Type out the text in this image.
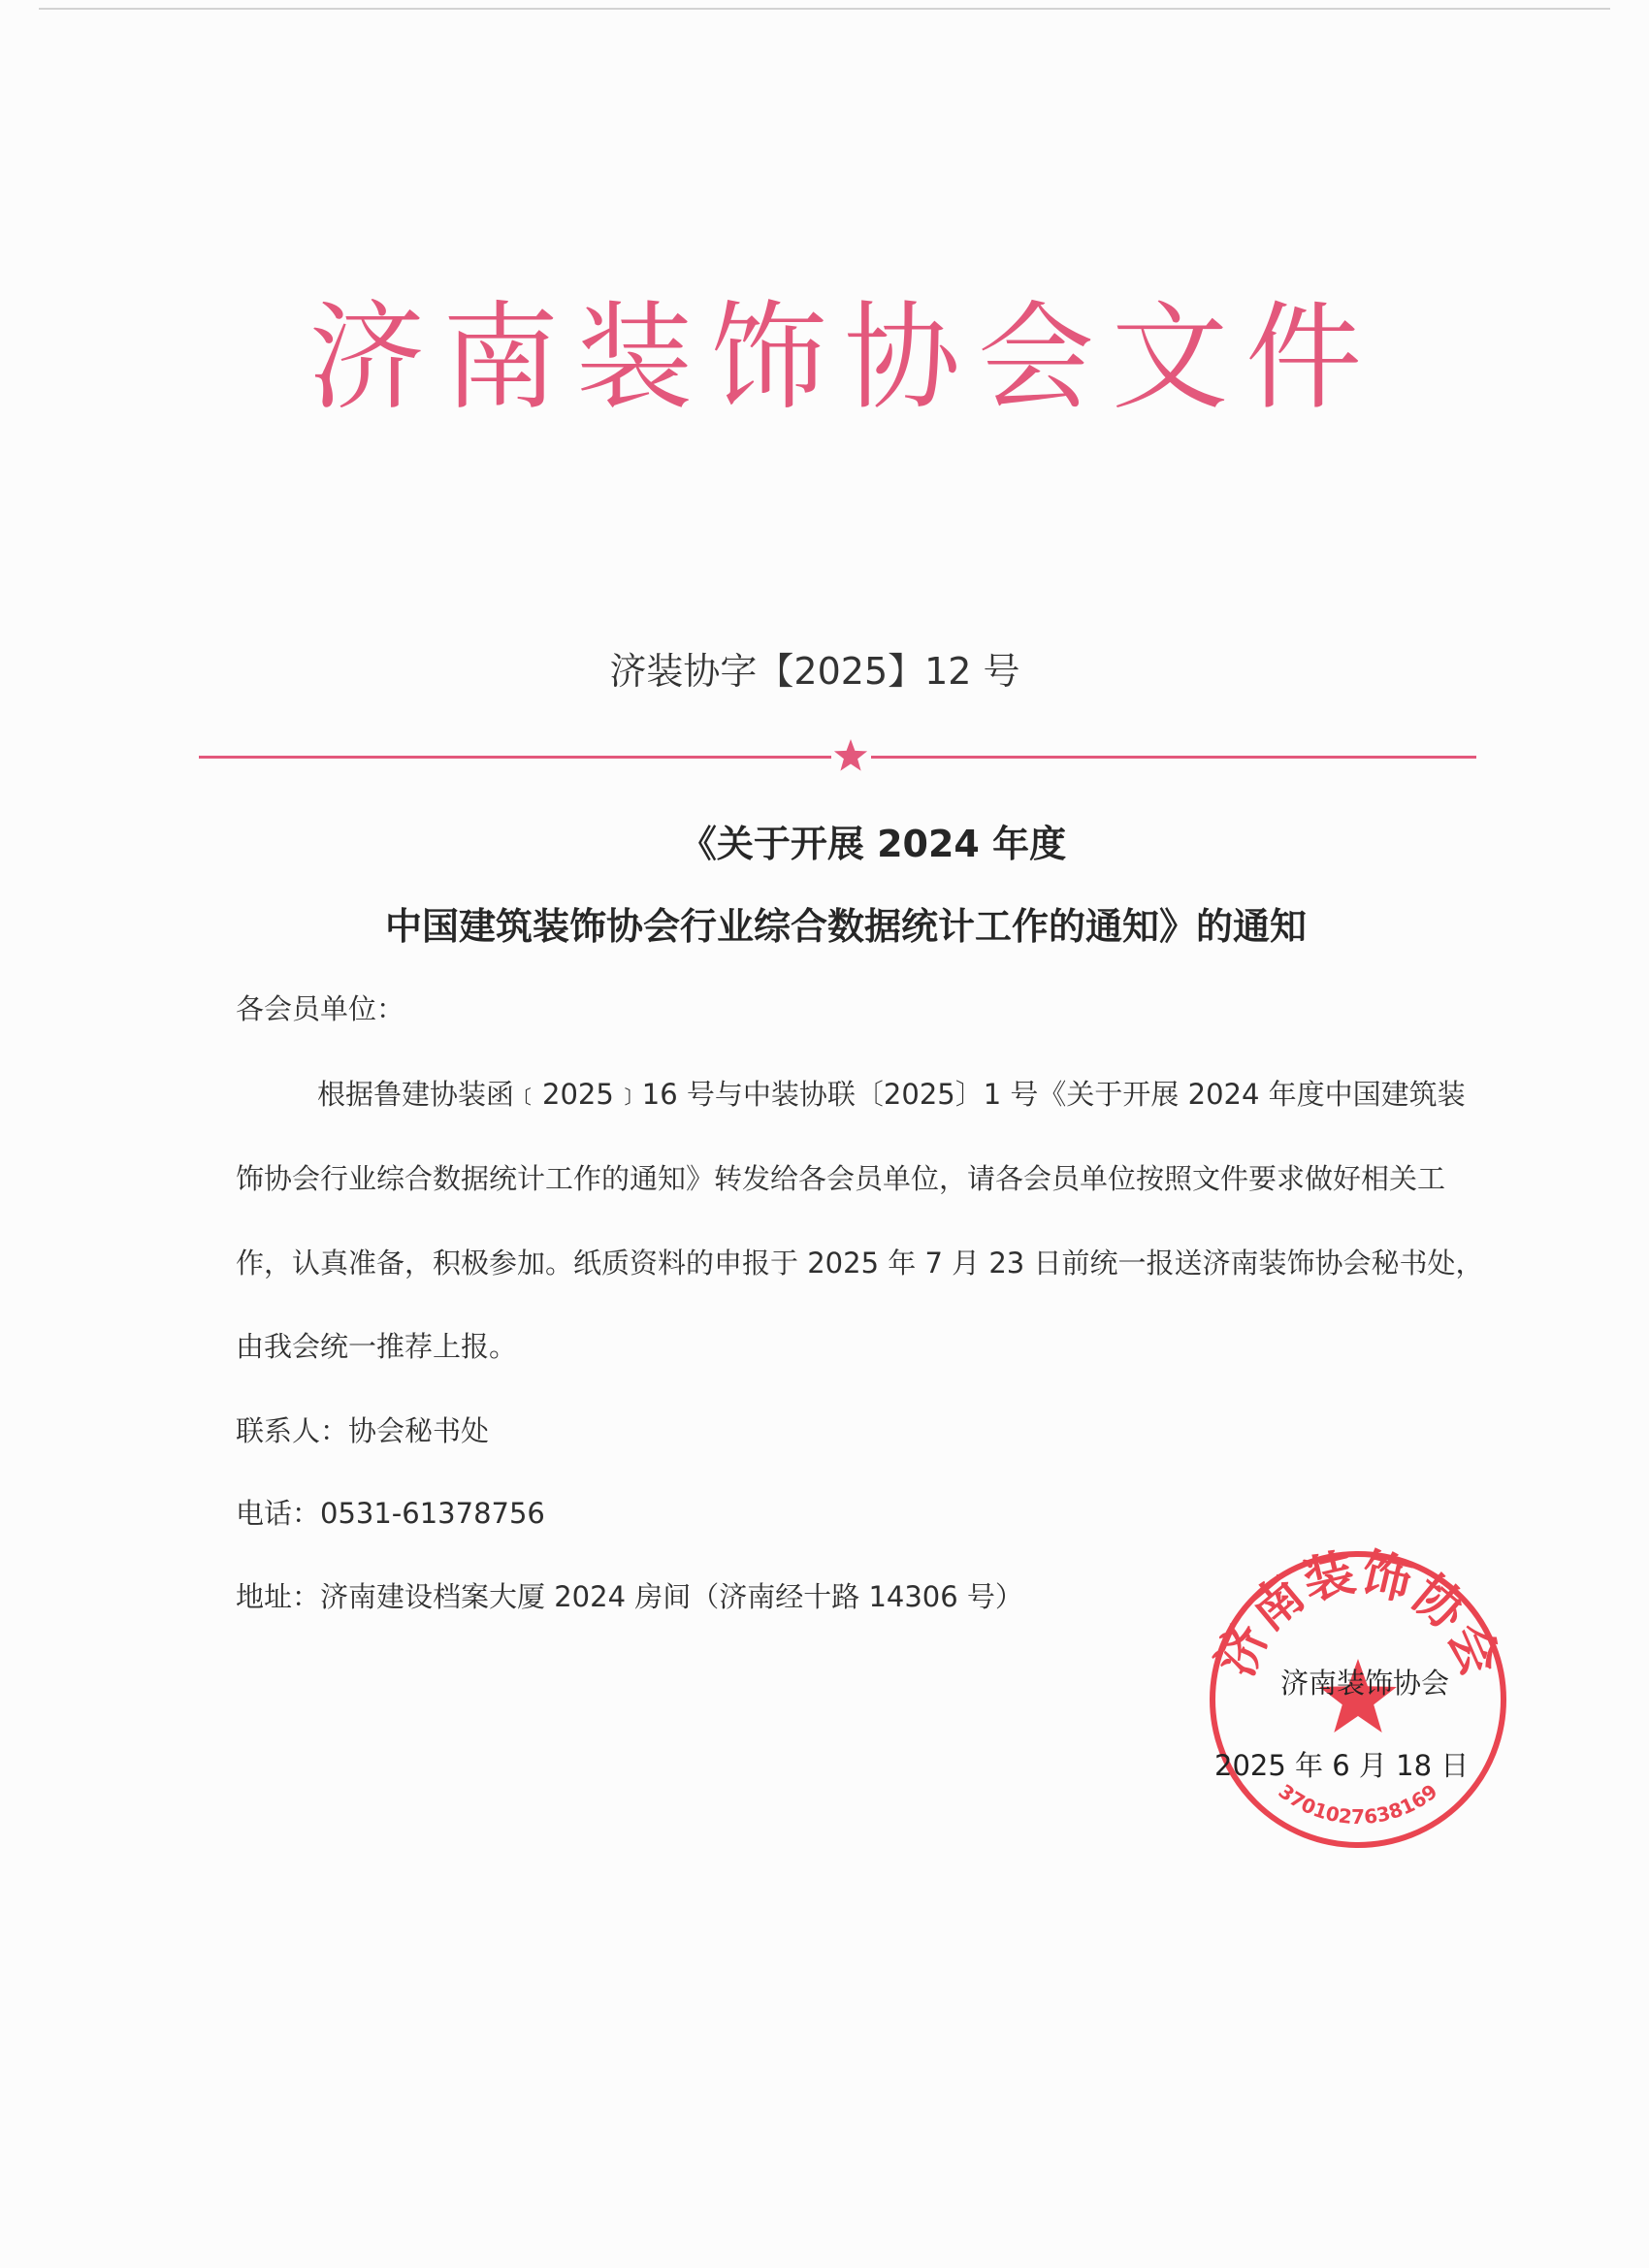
济南装饰协会文件
济装协字【2025】12 号
《关于开展 2024 年度
中国建筑装饰协会行业综合数据统计工作的通知》的通知
各会员单位：
根据鲁建协装函﹝2025﹞16 号与中装协联〔2025〕1 号《关于开展 2024 年度中国建筑装
饰协会行业综合数据统计工作的通知》转发给各会员单位，请各会员单位按照文件要求做好相关工
作，认真准备，积极参加。纸质资料的申报于 2025 年 7 月 23 日前统一报送济南装饰协会秘书处，
由我会统一推荐上报。
联系人：协会秘书处
电话：0531-61378756
地址：济南建设档案大厦 2024 房间（济南经十路 14306 号）
济南装饰协会
3701027638169
济南装饰协会
2025 年 6 月 18 日
